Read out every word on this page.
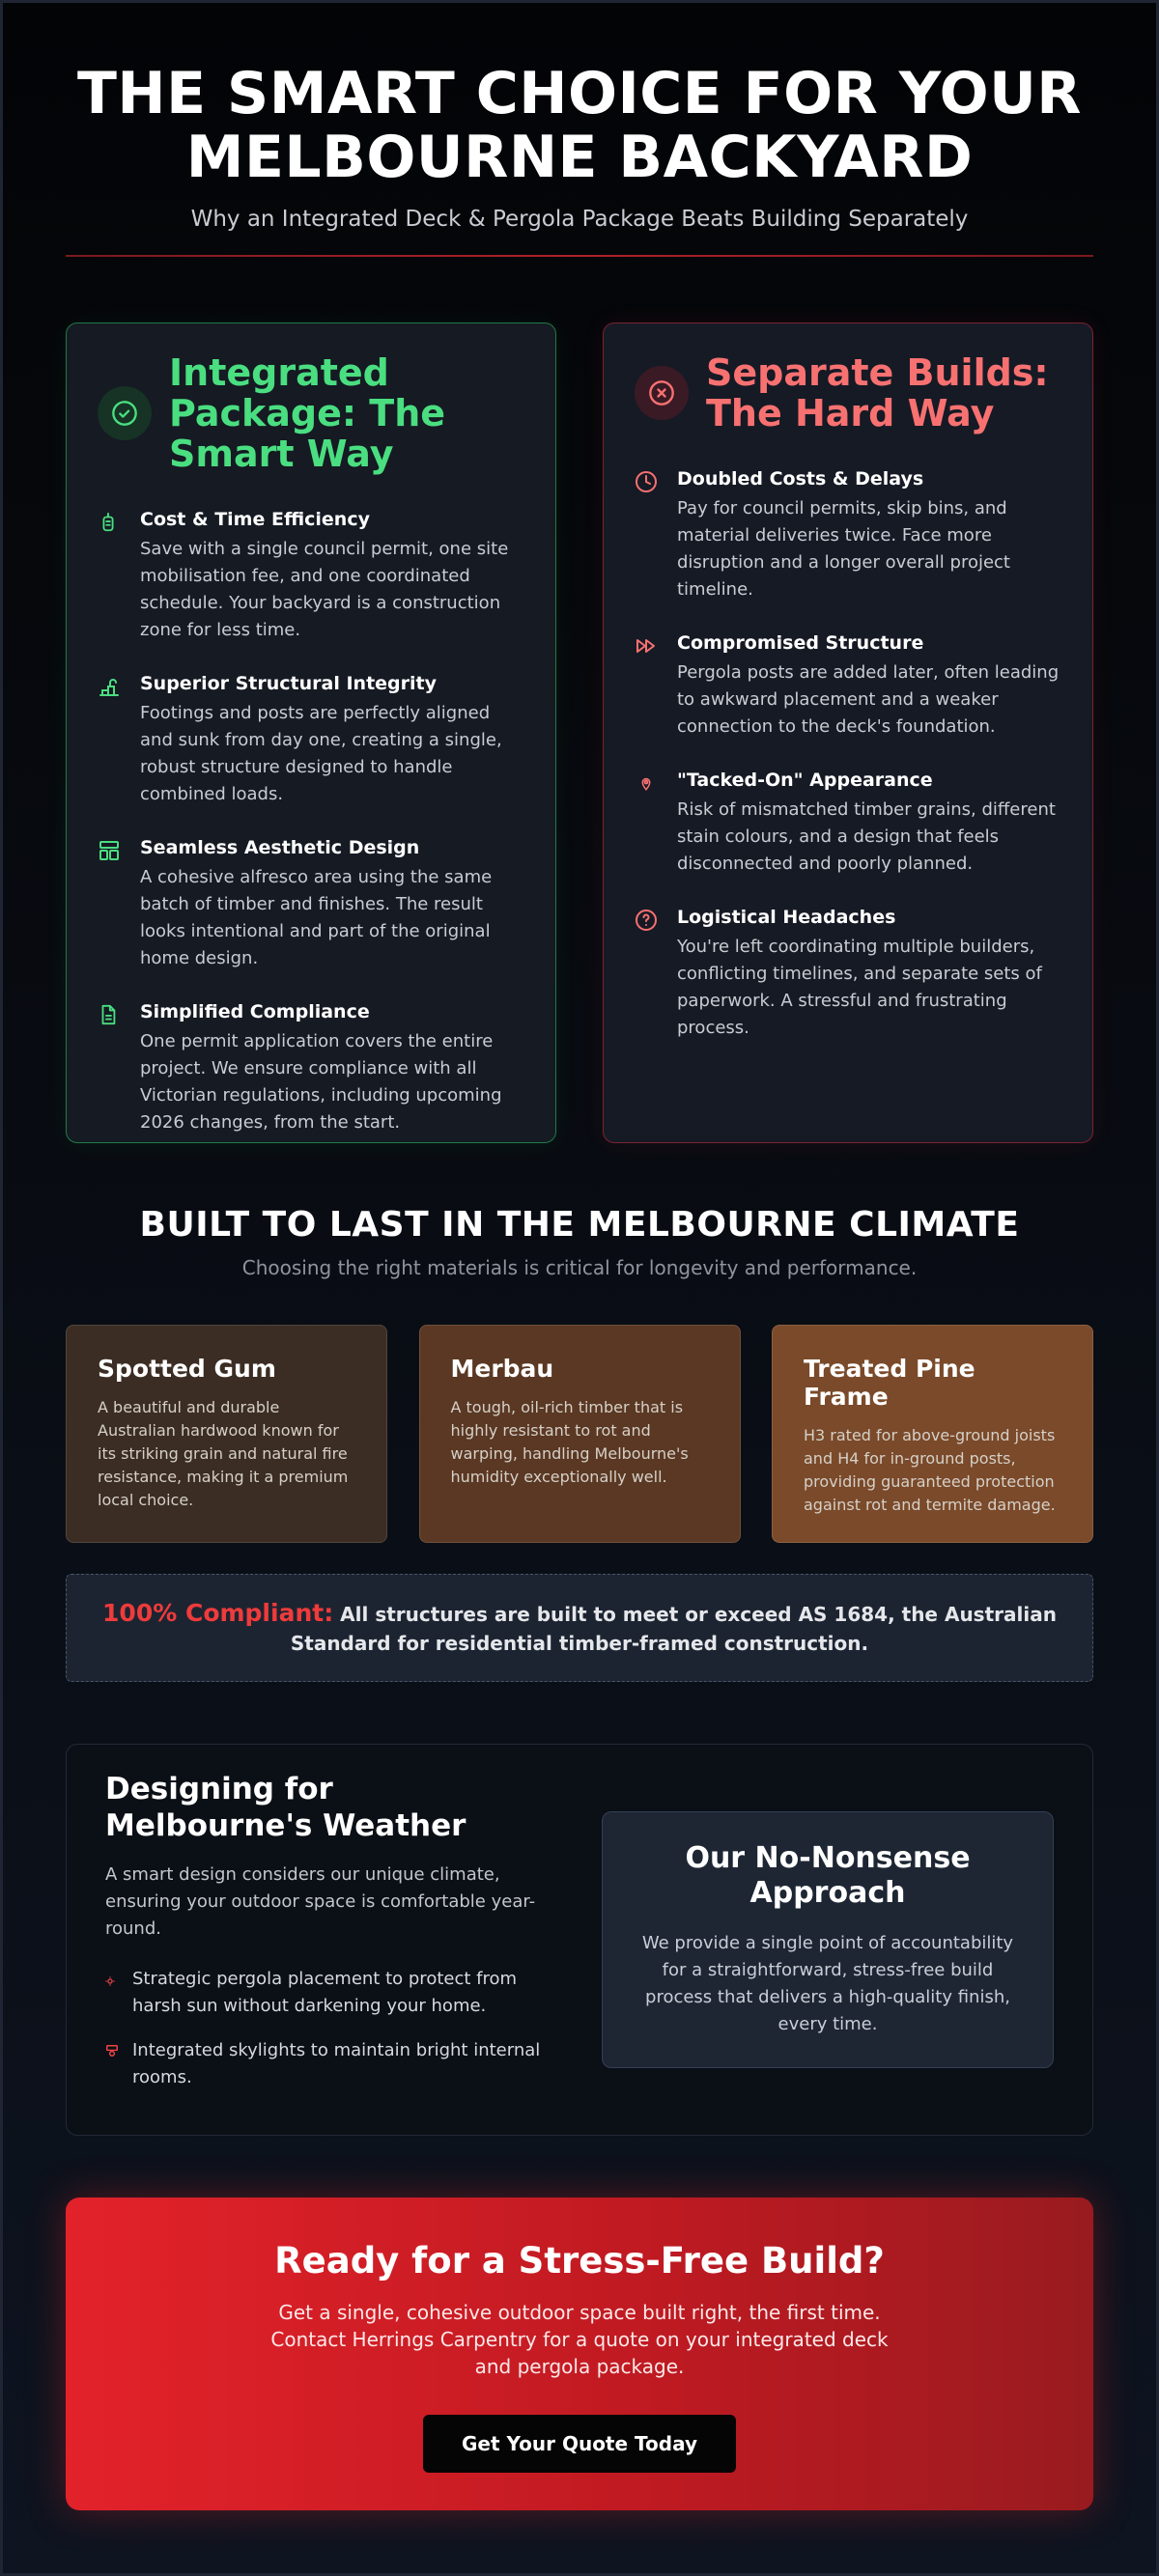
THE SMART CHOICE FOR YOUR MELBOURNE BACKYARD

Why an Integrated Deck & Pergola Package Beats Building Separately

Integrated Package: The Smart Way
Cost & Time Efficiency

Save with a single council permit, one site mobilisation fee, and one coordinated schedule. Your backyard is a construction zone for less time.

Superior Structural Integrity

Footings and posts are perfectly aligned and sunk from day one, creating a single, robust structure designed to handle combined loads.

Seamless Aesthetic Design

A cohesive alfresco area using the same batch of timber and finishes. The result looks intentional and part of the original home design.

Simplified Compliance

One permit application covers the entire project. We ensure compliance with all Victorian regulations, including upcoming 2026 changes, from the start.

Separate Builds: The Hard Way
Doubled Costs & Delays

Pay for council permits, skip bins, and material deliveries twice. Face more disruption and a longer overall project timeline.

Compromised Structure

Pergola posts are added later, often leading to awkward placement and a weaker connection to the deck's foundation.

"Tacked-On" Appearance

Risk of mismatched timber grains, different stain colours, and a design that feels disconnected and poorly planned.

Logistical Headaches

You're left coordinating multiple builders, conflicting timelines, and separate sets of paperwork. A stressful and frustrating process.

BUILT TO LAST IN THE MELBOURNE CLIMATE

Choosing the right materials is critical for longevity and performance.

Spotted Gum

A beautiful and durable Australian hardwood known for its striking grain and natural fire resistance, making it a premium local choice.

Merbau

A tough, oil-rich timber that is highly resistant to rot and warping, handling Melbourne's humidity exceptionally well.

Treated Pine Frame

H3 rated for above-ground joists and H4 for in-ground posts, providing guaranteed protection against rot and termite damage.

100% Compliant: All structures are built to meet or exceed AS 1684, the Australian Standard for residential timber-framed construction.

Designing for Melbourne's Weather

A smart design considers our unique climate, ensuring your outdoor space is comfortable year-round.

Strategic pergola placement to protect from harsh sun without darkening your home.
Integrated skylights to maintain bright internal rooms.
Our No-Nonsense Approach

We provide a single point of accountability for a straightforward, stress-free build process that delivers a high-quality finish, every time.

Ready for a Stress-Free Build?

Get a single, cohesive outdoor space built right, the first time. Contact Herrings Carpentry for a quote on your integrated deck and pergola package.

Get Your Quote Today
